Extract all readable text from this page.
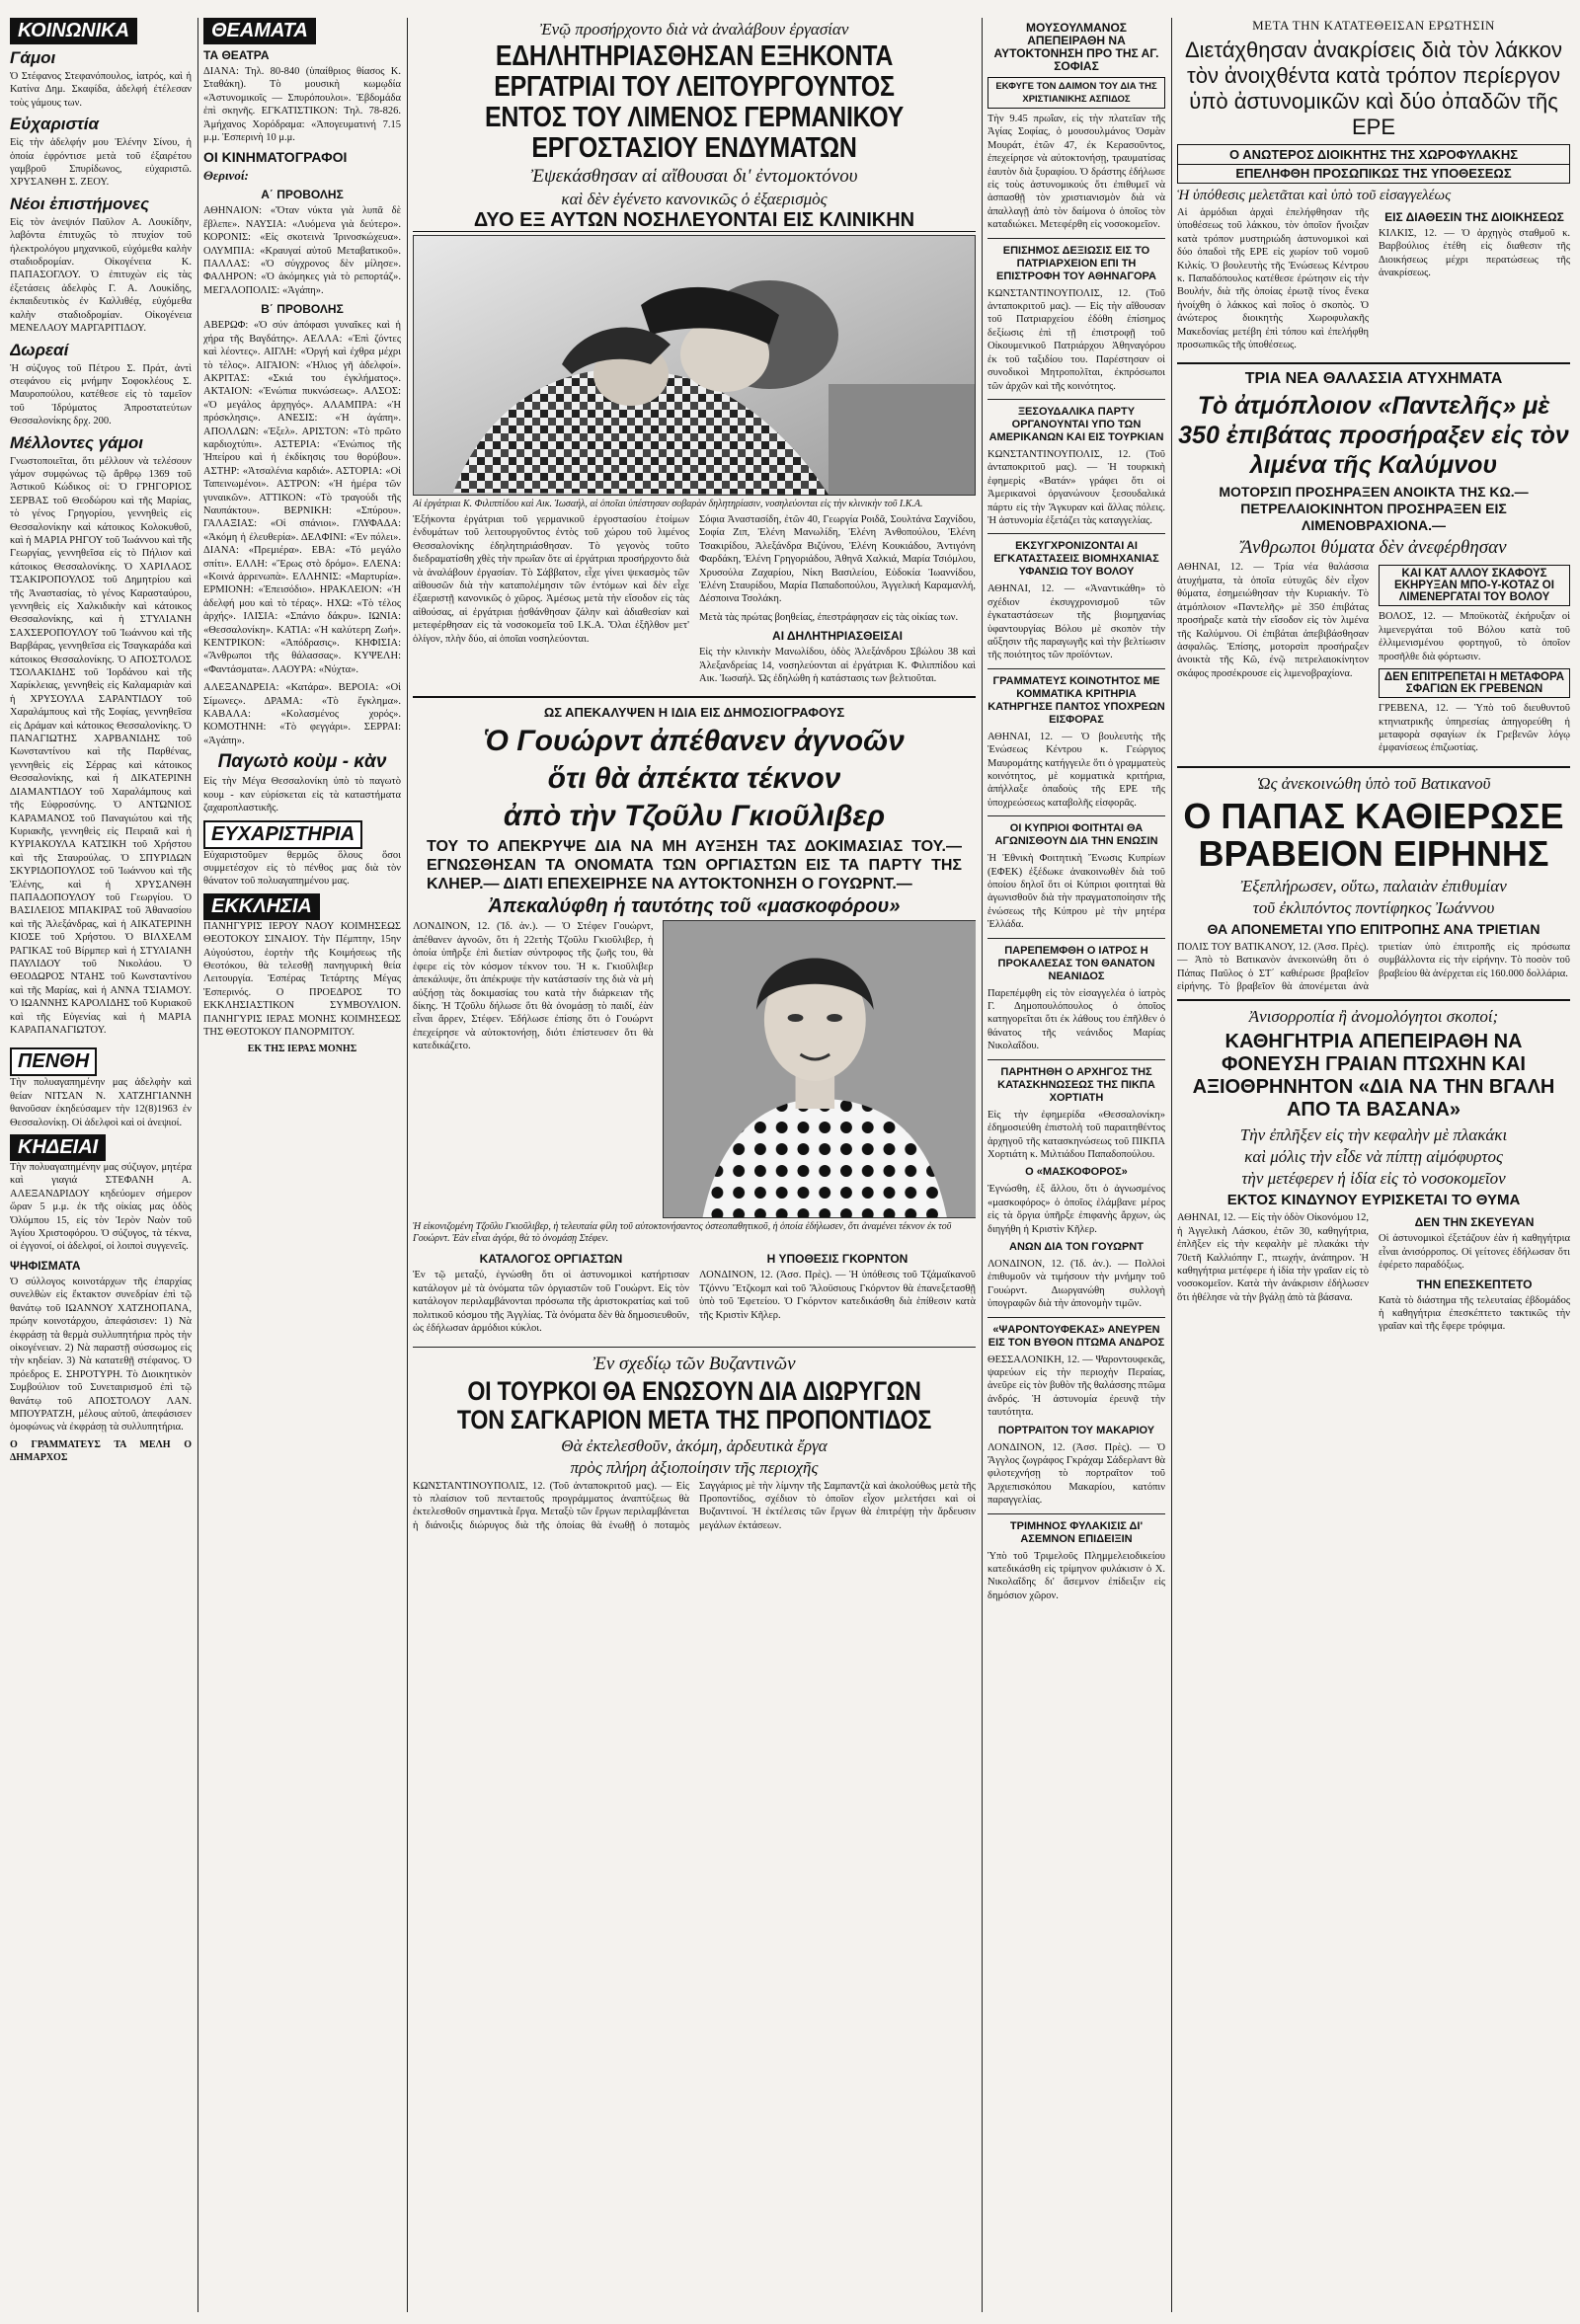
ΚΟΙΝΩΝΙΚΑ
Γάμοι

Ὁ Στέφανος Στεφανόπουλος, ἰατρός, καὶ ἡ Κατίνα Δημ. Σκαφίδα, ἀδελφή ἐτέλεσαν τοὺς γάμους των.

Εὐχαριστία

Εἰς τὴν ἀδελφήν μου Ἐλένην Σίνου, ἡ ὁποία ἐφρόντισε μετὰ τοῦ ἐξαιρέτου γαμβροῦ Σπυρίδωνος, εὐχαριστῶ. ΧΡΥΣΑΝΘΗ Σ. ΖΕΟΥ.

Νέοι ἐπιστήμονες

Εἰς τὸν ἀνεψιόν Παῦλον Α. Λουκίδην, λαβόντα ἐπιτυχῶς τὸ πτυχίον τοῦ ἠλεκτρολόγου μηχανικοῦ, εὐχόμεθα καλὴν σταδιοδρομίαν. Οἰκογένεια Κ. ΠΑΠΑΣΟΓΛΟΥ. Ὁ ἐπιτυχὼν εἰς τὰς ἐξετάσεις ἀδελφὸς Γ. Α. Λουκίδης, ἐκπαιδευτικὸς ἐν Καλλιθέᾳ, εὐχόμεθα καλὴν σταδιοδρομίαν. Οἰκογένεια ΜΕΝΕΛΑΟΥ ΜΑΡΓΑΡΙΤΙΔΟΥ.

Δωρεαί

Ἡ σύζυγος τοῦ Πέτρου Σ. Πράτ, ἀντὶ στεφάνου εἰς μνήμην Σοφοκλέους Σ. Μαυροπούλου, κατέθεσε εἰς τὸ ταμεῖον τοῦ Ἱδρύματος Ἀπροστατεύτων Θεσσαλονίκης δρχ. 200.

Μέλλοντες γάμοι

Γνωστοποιεῖται, ὅτι μέλλουν νὰ τελέσουν γάμον συμφώνως τῷ ἄρθρῳ 1369 τοῦ Ἀστικοῦ Κώδικος οἱ: Ὁ ΓΡΗΓΟΡΙΟΣ ΣΕΡΒΑΣ τοῦ Θεοδώρου καὶ τῆς Μαρίας, τὸ γένος Γρηγορίου, γεννηθεὶς εἰς Θεσσαλονίκην καὶ κάτοικος Κολοκυθοῦ, καὶ ἡ ΜΑΡΙΑ ΡΗΓΟΥ τοῦ Ἰωάννου καὶ τῆς Γεωργίας, γεννηθεῖσα εἰς τὸ Πήλιον καὶ κάτοικος Θεσσαλονίκης. Ὁ ΧΑΡΙΛΑΟΣ ΤΣΑΚΙΡΟΠΟΥΛΟΣ τοῦ Δημητρίου καὶ τῆς Ἀναστασίας, τὸ γένος Καρασταύρου, γεννηθεὶς εἰς Χαλκιδικὴν καὶ κάτοικος Θεσσαλονίκης, καὶ ἡ ΣΤΥΛΙΑΝΗ ΣΑΧΣΕΡΟΠΟΥΛΟΥ τοῦ Ἰωάννου καὶ τῆς Βαρβάρας, γεννηθεῖσα εἰς Τσαγκαράδα καὶ κάτοικος Θεσσαλονίκης. Ὁ ΑΠΟΣΤΟΛΟΣ ΤΣΟΛΑΚΙΔΗΣ τοῦ Ἰορδάνου καὶ τῆς Χαρίκλειας, γεννηθεὶς εἰς Καλαμαριὰν καὶ ἡ ΧΡΥΣΟΥΛΑ ΣΑΡΑΝΤΙΔΟΥ τοῦ Χαραλάμπους καὶ τῆς Σοφίας, γεννηθεῖσα εἰς Δράμαν καὶ κάτοικος Θεσσαλονίκης. Ὁ ΠΑΝΑΓΙΩΤΗΣ ΧΑΡΒΑΝΙΔΗΣ τοῦ Κωνσταντίνου καὶ τῆς Παρθένας, γεννηθεὶς εἰς Σέρρας καὶ κάτοικος Θεσσαλονίκης, καὶ ἡ ΔΙΚΑΤΕΡΙΝΗ ΔΙΑΜΑΝΤΙΔΟΥ τοῦ Χαραλάμπους καὶ τῆς Εὐφροσύνης. Ὁ ΑΝΤΩΝΙΟΣ ΚΑΡΑΜΑΝΟΣ τοῦ Παναγιώτου καὶ τῆς Κυριακῆς, γεννηθεὶς εἰς Πειραιᾶ καὶ ἡ ΚΥΡΙΑΚΟΥΛΑ ΚΑΤΣΙΚΗ τοῦ Χρήστου καὶ τῆς Σταυρούλας. Ὁ ΣΠΥΡΙΔΩΝ ΣΚΥΡΙΔΟΠΟΥΛΟΣ τοῦ Ἰωάννου καὶ τῆς Ἑλένης, καὶ ἡ ΧΡΥΣΑΝΘΗ ΠΑΠΑΔΟΠΟΥΛΟΥ τοῦ Γεωργίου. Ὁ ΒΑΣΙΛΕΙΟΣ ΜΠΑΚΙΡΑΣ τοῦ Ἀθανασίου καὶ τῆς Ἀλεξάνδρας, καὶ ἡ ΑΙΚΑΤΕΡΙΝΗ ΚΙΟΣΕ τοῦ Χρήστου. Ὁ ΒΙΛΧΕΛΜ ΡΑΓΙΚΑΣ τοῦ Βίρμπερ καὶ ἡ ΣΤΥΛΙΑΝΗ ΠΑΥΛΙΔΟΥ τοῦ Νικολάου. Ὁ ΘΕΟΔΩΡΟΣ ΝΤΑΗΣ τοῦ Κωνσταντίνου καὶ τῆς Μαρίας, καὶ ἡ ΑΝΝΑ ΤΣΙΑΜΟΥ. Ὁ ΙΩΑΝΝΗΣ ΚΑΡΟΛΙΔΗΣ τοῦ Κυριακοῦ καὶ τῆς Εὐγενίας καὶ ἡ ΜΑΡΙΑ ΚΑΡΑΠΑΝΑΓΙΩΤΟΥ.

ΠΕΝΘΗ

Τὴν πολυαγαπημένην μας ἀδελφὴν καὶ θείαν ΝΙΤΣΑΝ Ν. ΧΑΤΖΗΓΙΑΝΝΗ θανοῦσαν ἐκηδεύσαμεν τὴν 12(8)1963 ἐν Θεσσαλονίκῃ. Οἱ ἀδελφοὶ καὶ οἱ ἀνεψιοί.

ΚΗΔΕΙΑΙ

Τὴν πολυαγαπημένην μας σύζυγον, μητέρα καὶ γιαγιά ΣΤΕΦΑΝΗ Α. ΑΛΕΞΑΝΔΡΙΔΟΥ κηδεύομεν σήμερον ὥραν 5 μ.μ. ἐκ τῆς οἰκίας μας ὁδὸς Ὀλύμπου 15, εἰς τὸν Ἱερὸν Ναὸν τοῦ Ἁγίου Χριστοφόρου. Ὁ σύζυγος, τὰ τέκνα, οἱ ἐγγονοί, οἱ ἀδελφοί, οἱ λοιποὶ συγγενεῖς.

ΨΗΦΙΣΜΑΤΑ

Ὁ σύλλογος κοινοτάρχων τῆς ἐπαρχίας συνελθὼν εἰς ἔκτακτον συνεδρίαν ἐπὶ τῷ θανάτῳ τοῦ ΙΩΑΝΝΟΥ ΧΑΤΖΗΟΠΑΝΑ, πρώην κοινοτάρχου, ἀπεφάσισεν: 1) Νὰ ἐκφράσῃ τὰ θερμὰ συλλυπητήρια πρὸς τὴν οἰκογένειαν. 2) Νὰ παραστῇ σύσσωμος εἰς τὴν κηδείαν. 3) Νὰ κατατεθῇ στέφανος. Ὁ πρόεδρος Ε. ΣΗΡΟΤΥΡΗ. Τὸ Διοικητικὸν Συμβούλιον τοῦ Συνεταιρισμοῦ ἐπὶ τῷ θανάτῳ τοῦ ΑΠΟΣΤΟΛΟΥ ΛΑΝ. ΜΠΟΥΡΑΤΖΗ, μέλους αὐτοῦ, ἀπεφάσισεν ὁμοφώνως νὰ ἐκφράσῃ τὰ συλλυπητήρια.

Ο ΓΡΑΜΜΑΤΕΥΣ ΤΑ ΜΕΛΗ Ο ΔΗΜΑΡΧΟΣ

ΘΕΑΜΑΤΑ
ΤΑ ΘΕΑΤΡΑ

ΔΙΑΝΑ: Τηλ. 80-840 (ὑπαίθριος θίασος Κ. Σταθάκη). Τὸ μουσικὴ κωμῳδία «Ἀστυνομικοῖς — Σπυρόπουλοι». Ἑβδομάδα ἐπὶ σκηνῆς. ΕΓΚΑΤΙΣΤΙΚΟΝ: Τηλ. 78-826. Ἀμήχανος Χορόδραμα: «Ἀπογευματινή 7.15 μ.μ. Ἑσπερινὴ 10 μ.μ.

ΟΙ ΚΙΝΗΜΑΤΟΓΡΑΦΟΙ
Θερινοί:
Α΄ ΠΡΟΒΟΛΗΣ

ΑΘΗΝΑΙΟΝ: «Ὅταν νύκτα γιὰ λυπᾶ δὲ ἔβλεπε». ΝΑΥΣΙΑ: «Λυόμενα γιὰ δεύτερο». ΚΟΡΟΝΙΣ: «Εἰς σκοτεινὰ Ἰρινοσκώχευα». ΟΛΥΜΠΙΑ: «Κραυγαί αὐτοῦ Μεταβατικοῦ». ΠΑΛΛΑΣ: «Ὁ σύγχρονος δὲν μίλησε». ΦΑΛΗΡΟΝ: «Ὁ ἀκόμηκες γιὰ τὸ ρεπορτάζ». ΜΕΓΑΛΟΠΟΛΙΣ: «Ἀγάπη».

Β΄ ΠΡΟΒΟΛΗΣ

ΑΒΕΡΩΦ: «Ὁ σύν ἀπόφασι γυναῖκες καὶ ἡ χήρα τῆς Βαγδάτης». ΑΕΛΛΑ: «Ἐπὶ ζόντες καὶ λέοντες». ΑΙΓΛΗ: «Ὀργή καὶ ἐχθρα μέχρι τὸ τέλος». ΑΙΓΑΙΟΝ: «Ἠλιος γῆ ἀδελφοί». ΑΚΡΙΤΑΣ: «Σκιά του ἐγκλήματος». ΑΚΤΑΙΟΝ: «Ἐνώπια πυκνώσεως». ΑΛΣΟΣ: «Ὁ μεγάλος ἀρχηγός». ΑΛΑΜΠΡΑ: «Ἡ πρόσκλησις». ΑΝΕΣΙΣ: «Ἡ ἀγάπη». ΑΠΟΛΛΩΝ: «Ἐξελ». ΑΡΙΣΤΟΝ: «Τὸ πρῶτο καρδιοχτύπι». ΑΣΤΕΡΙΑ: «Ἐνώπιος τῆς Ἠπείρου καὶ ἡ ἐκδίκησις του θορύβου». ΑΣΤΗΡ: «Ἀτσαλένια καρδιά». ΑΣΤΟΡΙΑ: «Οἱ Ταπεινωμένοι». ΑΣΤΡΟΝ: «Ἡ ἡμέρα τῶν γυναικῶν». ΑΤΤΙΚΟΝ: «Τὸ τραγούδι τῆς Ναυπάκτου». ΒΕΡΝΙΚΗ: «Σπύρου». ΓΑΛΑΞΙΑΣ: «Οἱ σπάνιοι». ΓΛΥΦΑΔΑ: «Ἀκόμη ἡ ἐλευθερία». ΔΕΛΦΙΝΙ: «Ἐν πόλει». ΔΙΑΝΑ: «Πρεμιέρα». ΕΒΑ: «Τό μεγάλο σπίτι». ΕΛΛΗ: «Ἔρως στὸ δρόμο». ΕΛΕΝΑ: «Κοινά ἀρρενωπὰ». ΕΛΛΗΝΙΣ: «Μαρτυρία». ΕΡΜΙΟΝΗ: «Ἐπεισόδιο». ΗΡΑΚΛΕΙΟΝ: «Ἡ ἀδελφή μου καὶ τὸ τέρας». ΗΧΩ: «Τὸ τέλος ἀρχής». ΙΛΙΣΙΑ: «Σπάνιο δάκρυ». ΙΩΝΙΑ: «Θεσσαλονίκη». ΚΑΤΙΑ: «Ἡ καλύτερη Ζωή». ΚΕΝΤΡΙΚΟΝ: «Ἀπόδρασις». ΚΗΦΙΣΙΑ: «Ἄνθρωποι τῆς θάλασσας». ΚΥΨΕΛΗ: «Φαντάσματα». ΛΑΟΥΡΑ: «Νύχτα».

ΑΛΕΞΑΝΔΡΕΙΑ: «Κατάρα». ΒΕΡΟΙΑ: «Οἱ Σίμωνες». ΔΡΑΜΑ: «Τὸ ἔγκλημα». ΚΑΒΑΛΑ: «Κολασμένος χορός». ΚΟΜΟΤΗΝΗ: «Τὸ φεγγάρι». ΣΕΡΡΑΙ: «Ἀγάπη».

Παγωτὸ κοὺμ - κὰν

Εἰς τὴν Μέγα Θεσσαλονίκη ὑπὸ τὸ παγωτὸ κουμ - καν εὑρίσκεται εἰς τὰ καταστήματα ζαχαροπλαστικῆς.

ΕΥΧΑΡΙΣΤΗΡΙΑ

Εὐχαριστοῦμεν θερμῶς ὅλους ὅσοι συμμετέσχον εἰς τὸ πένθος μας διὰ τὸν θάνατον τοῦ πολυαγαπημένου μας.

ΕΚΚΛΗΣΙΑ

ΠΑΝΗΓΥΡΙΣ ΙΕΡΟΥ ΝΑΟΥ ΚΟΙΜΗΣΕΩΣ ΘΕΟΤΟΚΟΥ ΣΙΝΑΙΟΥ. Τὴν Πέμπτην, 15ην Αὐγούστου, ἑορτὴν τῆς Κοιμήσεως τῆς Θεοτόκου, θὰ τελεσθῇ πανηγυρικὴ θεία Λειτουργία. Ἐσπέρας Τετάρτης Μέγας Ἑσπερινός. Ο ΠΡΟΕΔΡΟΣ ΤΟ ΕΚΚΛΗΣΙΑΣΤΙΚΟΝ ΣΥΜΒΟΥΛΙΟΝ. ΠΑΝΗΓΥΡΙΣ ΙΕΡΑΣ ΜΟΝΗΣ ΚΟΙΜΗΣΕΩΣ ΤΗΣ ΘΕΟΤΟΚΟΥ ΠΑΝΟΡΜΙΤΟΥ.

ΕΚ ΤΗΣ ΙΕΡΑΣ ΜΟΝΗΣ

Ἐνῷ προσήρχοντο διὰ νὰ ἀναλάβουν ἐργασίαν
ΕΔΗΛΗΤΗΡΙΑΣΘΗΣΑΝ ΕΞΗΚΟΝΤΑ ΕΡΓΑΤΡΙΑΙ ΤΟΥ ΛΕΙΤΟΥΡΓΟΥΝΤΟΣ ΕΝΤΟΣ ΤΟΥ ΛΙΜΕΝΟΣ ΓΕΡΜΑΝΙΚΟΥ ΕΡΓΟΣΤΑΣΙΟΥ ΕΝΔΥΜΑΤΩΝ
Ἐψεκάσθησαν αἱ αἴθουσαι δι' ἐντομοκτόνου
καὶ δὲν ἐγένετο κανονικῶς ὁ ἐξαερισμὸς
ΔΥΟ ΕΞ ΑΥΤΩΝ ΝΟΣΗΛΕΥΟΝΤΑΙ ΕΙΣ ΚΛΙΝΙΚΗΝ
Αἱ ἐργάτριαι Κ. Φιλιππίδου καὶ Αικ. Ἰωσαήλ, αἱ ὁποῖαι ὑπέστησαν σοβαρὰν δηλητηρίασιν, νοσηλεύονται εἰς τὴν κλινικὴν τοῦ Ι.Κ.Α.

Ἑξήκοντα ἐργάτριαι τοῦ γερμανικοῦ ἐργοστασίου ἑτοίμων ἐνδυμάτων τοῦ λειτουργοῦντος ἐντὸς τοῦ χώρου τοῦ λιμένος Θεσσαλονίκης ἐδηλητηριάσθησαν. Τὸ γεγονὸς τοῦτο διεδραματίσθη χθὲς τὴν πρωΐαν ὅτε αἱ ἐργάτριαι προσήρχοντο διὰ νὰ ἀναλάβουν ἐργασίαν. Τὸ Σάββατον, εἶχε γίνει ψεκασμὸς τῶν αἰθουσῶν διὰ τὴν καταπολέμησιν τῶν ἐντόμων καὶ δὲν εἶχε ἐξαεριστῇ κανονικῶς ὁ χῶρος. Ἀμέσως μετὰ τὴν εἴσοδον εἰς τὰς αἰθούσας, αἱ ἐργάτριαι ᾐσθάνθησαν ζάλην καὶ ἀδιαθεσίαν καὶ μετεφέρθησαν εἰς τὰ νοσοκομεῖα τοῦ Ι.Κ.Α. Ὅλαι ἐξῆλθον μετ' ὀλίγον, πλὴν δύο, αἱ ὁποῖαι νοσηλεύονται.

Σόφια Ἀναστασίδη, ἐτῶν 40, Γεωργία Ροιδᾶ, Σουλτάνα Σαχνίδου, Σοφία Ζιπ, Ἑλένη Μανωλίδη, Ἑλένη Ἀνθοπούλου, Ἑλένη Τσακιρίδου, Ἀλεξάνδρα Βιζύνου, Ἑλένη Κουκιάδου, Ἀντιγόνη Φαρδάκη, Ἑλένη Γρηγοριάδου, Ἀθηνᾶ Χαλκιά, Μαρία Τσιόμλου, Χρυσούλα Ζαχαρίου, Νίκη Βασιλείου, Εὐδοκία Ἰωαννίδου, Ἑλένη Σταυρίδου, Μαρία Παπαδοπούλου, Ἀγγελική Καραμανλή, Δέσποινα Τσολάκη.

Μετὰ τὰς πρώτας βοηθείας, ἐπεστράφησαν εἰς τὰς οἰκίας των.

ΑΙ ΔΗΛΗΤΗΡΙΑΣΘΕΙΣΑΙ

Εἰς τὴν κλινικὴν Μανωλίδου, ὁδὸς Ἀλεξάνδρου Σβώλου 38 καὶ Ἀλεξανδρείας 14, νοσηλεύονται αἱ ἐργάτριαι Κ. Φιλιππίδου καὶ Αικ. Ἰωσαήλ. Ὡς ἐδηλώθη ἡ κατάστασις των βελτιοῦται.

ΩΣ ΑΠΕΚΑΛΥΨΕΝ Η ΙΔΙΑ ΕΙΣ ΔΗΜΟΣΙΟΓΡΑΦΟΥΣ
Ὁ Γουώρντ ἀπέθανεν ἀγνοῶν
ὅτι θὰ ἀπέκτα τέκνον
ἀπὸ τὴν Τζοῦλυ Γκιοῦλιβερ
ΤΟΥ ΤΟ ΑΠΕΚΡΥΨΕ ΔΙΑ ΝΑ ΜΗ ΑΥΞΗΣΗ ΤΑΣ ΔΟΚΙΜΑΣΙΑΣ ΤΟΥ.— ΕΓΝΩΣΘΗΣΑΝ ΤΑ ΟΝΟΜΑΤΑ ΤΩΝ ΟΡΓΙΑΣΤΩΝ ΕΙΣ ΤΑ ΠΑΡΤΥ ΤΗΣ ΚΛΗΕΡ.— ΔΙΑΤΙ ΕΠΕΧΕΙΡΗΣΕ ΝΑ ΑΥΤΟΚΤΟΝΗΣΗ Ο ΓΟΥΩΡΝΤ.—
Ἀπεκαλύφθη ἡ ταυτότης τοῦ «μασκοφόρου»

ΛΟΝΔΙΝΟΝ, 12. (Ἰδ. ἀν.). — Ὁ Στέφεν Γουώρντ, ἀπέθανεν ἀγνοῶν, ὅτι ἡ 22ετὴς Τζοῦλυ Γκιοῦλιβερ, ἡ ὁποία ὑπῆρξε ἐπὶ διετίαν σύντροφος τῆς ζωῆς του, θὰ ἐφερε εἰς τὸν κόσμον τέκνον του. Ἡ κ. Γκιοῦλιβερ ἀπεκάλυψε, ὅτι ἀπέκρυψε τὴν κατάστασίν της διὰ νὰ μὴ αὐξήσῃ τὰς δοκιμασίας του κατὰ τὴν διάρκειαν τῆς δίκης. Ἡ Τζοῦλυ δήλωσε ὅτι θὰ ὀνομάσῃ τὸ παιδί, ἐὰν εἶναι ἄρρεν, Στέφεν. Ἐδήλωσε ἐπίσης ὅτι ὁ Γουώρντ ἐπεχείρησε νὰ αὐτοκτονήσῃ, διότι ἐπίστευσεν ὅτι θὰ κατεδικάζετο.

Ἡ εἰκονιζομένη Τζοῦλυ Γκιοῦλιβερ, ἡ τελευταία φίλη τοῦ αὐτοκτονήσαντος ὀστεοπαθητικοῦ, ἡ ὁποία ἐδήλωσεν, ὅτι ἀναμένει τέκνον ἐκ τοῦ Γουώρντ. Ἐὰν εἶναι ἀγόρι, θὰ τὸ ὀνομάσῃ Στέφεν.
ΚΑΤΑΛΟΓΟΣ ΟΡΓΙΑΣΤΩΝ

Ἐν τῷ μεταξύ, ἐγνώσθη ὅτι οἱ ἀστυνομικοὶ κατήρτισαν κατάλογον μὲ τὰ ὀνόματα τῶν ὀργιαστῶν τοῦ Γουώρντ. Εἰς τὸν κατάλογον περιλαμβάνονται πρόσωπα τῆς ἀριστοκρατίας καὶ τοῦ πολιτικοῦ κόσμου τῆς Ἀγγλίας. Τὰ ὀνόματα δὲν θὰ δημοσιευθοῦν, ὡς ἐδήλωσαν ἀρμόδιοι κύκλοι.

Η ΥΠΟΘΕΣΙΣ ΓΚΟΡΝΤΟΝ

ΛΟΝΔΙΝΟΝ, 12. (Ἀσσ. Πρὲς). — Ἡ ὑπόθεσις τοῦ Τζάμαϊκανοῦ Τζόννυ Ἔτζκομπ καὶ τοῦ Ἄλοϋσιους Γκόρντον θὰ ἐπανεξετασθῇ ὑπὸ τοῦ Ἐφετείου. Ὁ Γκόρντον κατεδικάσθη διὰ ἐπίθεσιν κατὰ τῆς Κριστὶν Κῆλερ.

Ἐν σχεδίῳ τῶν Βυζαντινῶν
ΟΙ ΤΟΥΡΚΟΙ ΘΑ ΕΝΩΣΟΥΝ ΔΙΑ ΔΙΩΡΥΓΩΝ ΤΟΝ ΣΑΓΚΑΡΙΟΝ ΜΕΤΑ ΤΗΣ ΠΡΟΠΟΝΤΙΔΟΣ
Θὰ ἐκτελεσθοῦν, ἀκόμη, ἀρδευτικὰ ἔργα
πρὸς πλήρη ἀξιοποίησιν τῆς περιοχῆς

ΚΩΝΣΤΑΝΤΙΝΟΥΠΟΛΙΣ, 12. (Τοῦ ἀνταποκριτοῦ μας). — Εἰς τὸ πλαίσιον τοῦ πενταετοῦς προγράμματος ἀναπτύξεως θὰ ἐκτελεσθοῦν σημαντικὰ ἔργα. Μεταξὺ τῶν ἔργων περιλαμβάνεται ἡ διάνοιξις διώρυγος διὰ τῆς ὁποίας θὰ ἑνωθῇ ὁ ποταμὸς Σαγγάριος μὲ τὴν λίμνην τῆς Σαμπαντζὰ καὶ ἀκολούθως μετὰ τῆς Προποντίδος, σχέδιον τὸ ὁποῖον εἶχον μελετήσει καὶ οἱ Βυζαντινοί. Ἡ ἐκτέλεσις τῶν ἔργων θὰ ἐπιτρέψῃ τὴν ἄρδευσιν μεγάλων ἐκτάσεων.

ΜΟΥΣΟΥΛΜΑΝΟΣ ΑΠΕΠΕΙΡΑΘΗ ΝΑ ΑΥΤΟΚΤΟΝΗΣΗ ΠΡΟ ΤΗΣ ΑΓ. ΣΟΦΙΑΣ
ΕΚΦΥΓΕ ΤΟΝ ΔΑΙΜΟΝ ΤΟΥ ΔΙΑ ΤΗΣ ΧΡΙΣΤΙΑΝΙΚΗΣ ΑΣΠΙΔΟΣ

Τὴν 9.45 πρωΐαν, εἰς τὴν πλατεῖαν τῆς Ἁγίας Σοφίας, ὁ μουσουλμάνος Ὀσμὰν Μουράτ, ἐτῶν 47, ἐκ Κερασοῦντος, ἐπεχείρησε νὰ αὐτοκτονήσῃ, τραυματίσας ἑαυτὸν διὰ ξυραφίου. Ὁ δράστης ἐδήλωσε εἰς τοὺς ἀστυνομικούς ὅτι ἐπιθυμεῖ νὰ ἀσπασθῇ τὸν χριστιανισμὸν διὰ νὰ ἀπαλλαγῇ ἀπὸ τὸν δαίμονα ὁ ὁποῖος τὸν καταδιώκει. Μετεφέρθη εἰς νοσοκομεῖον.

ΕΠΙΣΗΜΟΣ ΔΕΞΙΩΣΙΣ ΕΙΣ ΤΟ ΠΑΤΡΙΑΡΧΕΙΟΝ ΕΠΙ ΤΗ ΕΠΙΣΤΡΟΦΗ ΤΟΥ ΑΘΗΝΑΓΟΡΑ

ΚΩΝΣΤΑΝΤΙΝΟΥΠΟΛΙΣ, 12. (Τοῦ ἀνταποκριτοῦ μας). — Εἰς τὴν αἴθουσαν τοῦ Πατριαρχείου ἐδόθη ἐπίσημος δεξίωσις ἐπὶ τῇ ἐπιστροφῇ τοῦ Οἰκουμενικοῦ Πατριάρχου Ἀθηναγόρου ἐκ τοῦ ταξιδίου του. Παρέστησαν οἱ συνοδικοὶ Μητροπολῖται, ἐκπρόσωποι τῶν ἀρχῶν καὶ τῆς κοινότητος.

ΞΕΣΟΥΔΑΛΙΚΑ ΠΑΡΤΥ ΟΡΓΑΝΟΥΝΤΑΙ ΥΠΟ ΤΩΝ ΑΜΕΡΙΚΑΝΩΝ ΚΑΙ ΕΙΣ ΤΟΥΡΚΙΑΝ

ΚΩΝΣΤΑΝΤΙΝΟΥΠΟΛΙΣ, 12. (Τοῦ ἀνταποκριτοῦ μας). — Ἡ τουρκικὴ ἐφημερὶς «Βατάν» γράφει ὅτι οἱ Ἀμερικανοὶ ὀργανώνουν ξεσουδαλικά πάρτυ εἰς τὴν Ἄγκυραν καὶ ἄλλας πόλεις. Ἡ ἀστυνομία ἐξετάζει τὰς καταγγελίας.

ΕΚΣΥΓΧΡΟΝΙΖΟΝΤΑΙ ΑΙ ΕΓΚΑΤΑΣΤΑΣΕΙΣ ΒΙΟΜΗΧΑΝΙΑΣ ΥΦΑΝΣΙΩ ΤΟΥ ΒΟΛΟΥ

ΑΘΗΝΑΙ, 12. — «Ἀναντικάθη» τὸ σχέδιον ἐκσυγχρονισμοῦ τῶν ἐγκαταστάσεων τῆς βιομηχανίας ὑφαντουργίας Βόλου μὲ σκοπὸν τὴν αὔξησιν τῆς παραγωγῆς καὶ τὴν βελτίωσιν τῆς ποιότητος τῶν προϊόντων.

ΓΡΑΜΜΑΤΕΥΣ ΚΟΙΝΟΤΗΤΟΣ ΜΕ ΚΟΜΜΑΤΙΚΑ ΚΡΙΤΗΡΙΑ ΚΑΤΗΡΓΗΣΕ ΠΑΝΤΟΣ ΥΠΟΧΡΕΩΝ ΕΙΣΦΟΡΑΣ

ΑΘΗΝΑΙ, 12. — Ὁ βουλευτὴς τῆς Ἑνώσεως Κέντρου κ. Γεώργιος Μαυρομάτης κατήγγειλε ὅτι ὁ γραμματεὺς κοινότητος, μὲ κομματικὰ κριτήρια, ἀπήλλαξε ὀπαδοὺς τῆς ΕΡΕ τῆς ὑποχρεώσεως καταβολῆς εἰσφορᾶς.

ΟΙ ΚΥΠΡΙΟΙ ΦΟΙΤΗΤΑΙ ΘΑ ΑΓΩΝΙΣΘΟΥΝ ΔΙΑ ΤΗΝ ΕΝΩΣΙΝ

Ἡ Ἐθνικὴ Φοιτητικὴ Ἕνωσις Κυπρίων (ΕΦΕΚ) ἐξέδωκε ἀνακοινωθὲν διὰ τοῦ ὁποίου δηλοῖ ὅτι οἱ Κύπριοι φοιτηταὶ θὰ ἀγωνισθοῦν διὰ τὴν πραγματοποίησιν τῆς ἑνώσεως τῆς Κύπρου μὲ τὴν μητέρα Ἑλλάδα.

ΠΑΡΕΠΕΜΦΘΗ Ο ΙΑΤΡΟΣ Η ΠΡΟΚΑΛΕΣΑΣ ΤΟΝ ΘΑΝΑΤΟΝ ΝΕΑΝΙΔΟΣ

Παρεπέμφθη εἰς τὸν εἰσαγγελέα ὁ ἰατρὸς Γ. Δημοπουλόπουλος ὁ ὁποῖος κατηγορεῖται ὅτι ἐκ λάθους του ἐπῆλθεν ὁ θάνατος τῆς νεάνιδος Μαρίας Νικολαΐδου.

ΠΑΡΗΤΗΘΗ Ο ΑΡΧΗΓΟΣ ΤΗΣ ΚΑΤΑΣΚΗΝΩΣΕΩΣ ΤΗΣ ΠΙΚΠΑ ΧΟΡΤΙΑΤΗ

Εἰς τὴν ἐφημερίδα «Θεσσαλονίκη» ἐδημοσιεύθη ἐπιστολὴ τοῦ παραιτηθέντος ἀρχηγοῦ τῆς κατασκηνώσεως τοῦ ΠΙΚΠΑ Χορτιάτη κ. Μιλτιάδου Παπαδοπούλου.

Ο «ΜΑΣΚΟΦΟΡΟΣ»

Ἐγνώσθη, ἐξ ἄλλου, ὅτι ὁ ἀγνωσμένος «μασκοφόρος» ὁ ὁποῖος ἐλάμβανε μέρος εἰς τὰ ὄργια ὑπῆρξε ἐπιφανὴς ἄρχων, ὡς διηγήθη ἡ Κριστὶν Κῆλερ.

ΑΝΩΝ ΔΙΑ ΤΟΝ ΓΟΥΩΡΝΤ

ΛΟΝΔΙΝΟΝ, 12. (Ἰδ. ἀν.). — Πολλοὶ ἐπιθυμοῦν νὰ τιμήσουν τὴν μνήμην τοῦ Γουώρντ. Διωργανώθη συλλογὴ ὑπογραφῶν διὰ τὴν ἀπονομὴν τιμῶν.

«ΨΑΡΟΝΤΟΥΦΕΚΑΣ» ΑΝΕΥΡΕΝ ΕΙΣ ΤΟΝ ΒΥΘΟΝ ΠΤΩΜΑ ΑΝΔΡΟΣ

ΘΕΣΣΑΛΟΝΙΚΗ, 12. — Ψαροντουφεκᾶς, ψαρεύων εἰς τὴν περιοχὴν Περαίας, ἀνεῦρε εἰς τὸν βυθὸν τῆς θαλάσσης πτῶμα ἀνδρός. Ἡ ἀστυνομία ἐρευνᾷ τὴν ταυτότητα.

ΠΟΡΤΡΑΙΤΟΝ ΤΟΥ ΜΑΚΑΡΙΟΥ

ΛΟΝΔΙΝΟΝ, 12. (Ἀσσ. Πρὲς). — Ὁ Ἄγγλος ζωγράφος Γκράχαμ Σάδερλαντ θὰ φιλοτεχνήσῃ τὸ πορτραῖτον τοῦ Ἀρχιεπισκόπου Μακαρίου, κατόπιν παραγγελίας.

ΤΡΙΜΗΝΟΣ ΦΥΛΑΚΙΣΙΣ ΔΙ' ΑΣΕΜΝΟΝ ΕΠΙΔΕΙΞΙΝ

Ὑπὸ τοῦ Τριμελοῦς Πλημμελειοδικείου κατεδικάσθη εἰς τρίμηνον φυλάκισιν ὁ Χ. Νικολαΐδης δι' ἄσεμνον ἐπίδειξιν εἰς δημόσιον χῶρον.

ΜΕΤΑ ΤΗΝ ΚΑΤΑΤΕΘΕΙΣΑΝ ΕΡΩΤΗΣΙΝ
Διετάχθησαν ἀνακρίσεις διὰ τὸν λάκκον τὸν ἀνοιχθέντα κατὰ τρόπον περίεργον ὑπὸ ἀστυνομικῶν καὶ δύο ὀπαδῶν τῆς ΕΡΕ
Ο ΑΝΩΤΕΡΟΣ ΔΙΟΙΚΗΤΗΣ ΤΗΣ ΧΩΡΟΦΥΛΑΚΗΣ
ΕΠΕΛΗΦΘΗ ΠΡΟΣΩΠΙΚΩΣ ΤΗΣ ΥΠΟΘΕΣΕΩΣ
Ἡ ὑπόθεσις μελετᾶται καὶ ὑπὸ τοῦ εἰσαγγελέως

Αἱ ἁρμόδιαι ἀρχαὶ ἐπελήφθησαν τῆς ὑποθέσεως τοῦ λάκκου, τὸν ὁποῖον ἤνοιξαν κατὰ τρόπον μυστηριώδη ἀστυνομικοὶ καὶ δύο ὀπαδοὶ τῆς ΕΡΕ εἰς χωρίον τοῦ νομοῦ Κιλκίς. Ὁ βουλευτὴς τῆς Ἑνώσεως Κέντρου κ. Παπαδόπουλος κατέθεσε ἐρώτησιν εἰς τὴν Βουλήν, διὰ τῆς ὁποίας ἐρωτᾷ τίνος ἕνεκα ἠνοίχθη ὁ λάκκος καὶ ποῖος ὁ σκοπὸς. Ὁ ἀνώτερος διοικητὴς Χωροφυλακῆς Μακεδονίας μετέβη ἐπὶ τόπου καὶ ἐπελήφθη προσωπικῶς τῆς ὑποθέσεως.

ΕΙΣ ΔΙΑΘΕΣΙΝ ΤΗΣ ΔΙΟΙΚΗΣΕΩΣ

ΚΙΛΚΙΣ, 12. — Ὁ ἀρχηγὸς σταθμοῦ κ. Βαρβούλιος ἐτέθη εἰς διαθεσιν τῆς Διοικήσεως μέχρι περατώσεως τῆς ἀνακρίσεως.

ΤΡΙΑ ΝΕΑ ΘΑΛΑΣΣΙΑ ΑΤΥΧΗΜΑΤΑ
Τὸ ἀτμόπλοιον «Παντελῆς» μὲ 350 ἐπιβάτας προσήραξεν εἰς τὸν λιμένα τῆς Καλύμνου
ΜΟΤΟΡΣΙΠ ΠΡΟΣΗΡΑΞΕΝ ΑΝΟΙΚΤΑ ΤΗΣ ΚΩ.— ΠΕΤΡΕΛΑΙΟΚΙΝΗΤΟΝ ΠΡΟΣΗΡΑΞΕΝ ΕΙΣ ΛΙΜΕΝΟΒΡΑΧΙΟΝΑ.—
Ἄνθρωποι θύματα δὲν ἀνεφέρθησαν

ΑΘΗΝΑΙ, 12. — Τρία νέα θαλάσσια ἀτυχήματα, τὰ ὁποῖα εὐτυχῶς δὲν εἶχον θύματα, ἐσημειώθησαν τὴν Κυριακήν. Τὸ ἀτμόπλοιον «Παντελῆς» μὲ 350 ἐπιβάτας προσήραξε κατὰ τὴν εἴσοδον εἰς τὸν λιμένα τῆς Καλύμνου. Οἱ ἐπιβάται ἀπεβιβάσθησαν ἀσφαλῶς. Ἐπίσης, μοτορσὶπ προσήραξεν ἀνοικτὰ τῆς Κῶ, ἐνῷ πετρελαιοκίνητον σκάφος προσέκρουσε εἰς λιμενοβραχίονα.

ΚΑΙ ΚΑΤ ΑΛΛΟΥ ΣΚΑΦΟΥΣ ΕΚΗΡΥΞΑΝ ΜΠΟ-Υ-ΚΟΤΑΖ ΟΙ ΛΙΜΕΝΕΡΓΑΤΑΙ ΤΟΥ ΒΟΛΟΥ

ΒΟΛΟΣ, 12. — Μποϋκοτὰζ ἐκήρυξαν οἱ λιμενεργάται τοῦ Βόλου κατὰ τοῦ ἐλλιμενισμένου φορτηγοῦ, τὸ ὁποῖον προσῆλθε διὰ φόρτωσιν.

ΔΕΝ ΕΠΙΤΡΕΠΕΤΑΙ Η ΜΕΤΑΦΟΡΑ ΣΦΑΓΙΩΝ ΕΚ ΓΡΕΒΕΝΩΝ

ΓΡΕΒΕΝΑ, 12. — Ὑπὸ τοῦ διευθυντοῦ κτηνιατρικῆς ὑπηρεσίας ἀπηγορεύθη ἡ μεταφορὰ σφαγίων ἐκ Γρεβενῶν λόγῳ ἐμφανίσεως ἐπιζωοτίας.

Ὡς ἀνεκοινώθη ὑπὸ τοῦ Βατικανοῦ
Ο ΠΑΠΑΣ ΚΑΘΙΕΡΩΣΕ ΒΡΑΒΕΙΟΝ ΕΙΡΗΝΗΣ
Ἐξεπλήρωσεν, οὕτω, παλαιὰν ἐπιθυμίαν
τοῦ ἐκλιπόντος ποντίφηκος Ἰωάννου
ΘΑ ΑΠΟΝΕΜΕΤΑΙ ΥΠΟ ΕΠΙΤΡΟΠΗΣ ΑΝΑ ΤΡΙΕΤΙΑΝ

ΠΟΛΙΣ ΤΟΥ ΒΑΤΙΚΑΝΟΥ, 12. (Ἀσσ. Πρὲς). — Ἀπὸ τὸ Βατικανὸν ἀνεκοινώθη ὅτι ὁ Πάπας Παῦλος ὁ ΣΤ΄ καθιέρωσε βραβεῖον εἰρήνης. Τὸ βραβεῖον θὰ ἀπονέμεται ἀνὰ τριετίαν ὑπὸ ἐπιτροπῆς εἰς πρόσωπα συμβάλλοντα εἰς τὴν εἰρήνην. Τὸ ποσὸν τοῦ βραβείου θὰ ἀνέρχεται εἰς 160.000 δολλάρια.

Ἀνισορροπία ἢ ἀνομολόγητοι σκοποί;
ΚΑΘΗΓΗΤΡΙΑ ΑΠΕΠΕΙΡΑΘΗ ΝΑ ΦΟΝΕΥΣΗ ΓΡΑΙΑΝ ΠΤΩΧΗΝ ΚΑΙ ΑΞΙΟΘΡΗΝΗΤΟΝ «ΔΙΑ ΝΑ ΤΗΝ ΒΓΑΛΗ ΑΠΟ ΤΑ ΒΑΣΑΝΑ»
Τὴν ἐπλῆξεν εἰς τὴν κεφαλὴν μὲ πλακάκι
καὶ μόλις τὴν εἶδε νὰ πίπτῃ αἱμόφυρτος
τὴν μετέφερεν ἡ ἰδία εἰς τὸ νοσοκομεῖον
ΕΚΤΟΣ ΚΙΝΔΥΝΟΥ ΕΥΡΙΣΚΕΤΑΙ ΤΟ ΘΥΜΑ

ΑΘΗΝΑΙ, 12. — Εἰς τὴν ὁδὸν Οἰκονόμου 12, ἡ Ἀγγελικὴ Λάσκου, ἐτῶν 30, καθηγήτρια, ἐπλῆξεν εἰς τὴν κεφαλὴν μὲ πλακάκι τὴν 70ετῆ Καλλιόπην Γ., πτωχήν, ἀνάπηρον. Ἡ καθηγήτρια μετέφερε ἡ ἰδία τὴν γραῖαν εἰς τὸ νοσοκομεῖον. Κατὰ τὴν ἀνάκρισιν ἐδήλωσεν ὅτι ἠθέλησε νὰ τὴν βγάλῃ ἀπὸ τὰ βάσανα.

ΔΕΝ ΤΗΝ ΣΚΕΥΕΥΑΝ

Οἱ ἀστυνομικοὶ ἐξετάζουν ἐὰν ἡ καθηγήτρια εἶναι ἀνισόρροπος. Οἱ γείτονες ἐδήλωσαν ὅτι ἐφέρετο παραδόξως.

ΤΗΝ ΕΠΕΣΚΕΠΤΕΤΟ

Κατὰ τὸ διάστημα τῆς τελευταίας ἐβδομάδος ἡ καθηγήτρια ἐπεσκέπτετο τακτικῶς τὴν γραῖαν καὶ τῆς ἔφερε τρόφιμα.
